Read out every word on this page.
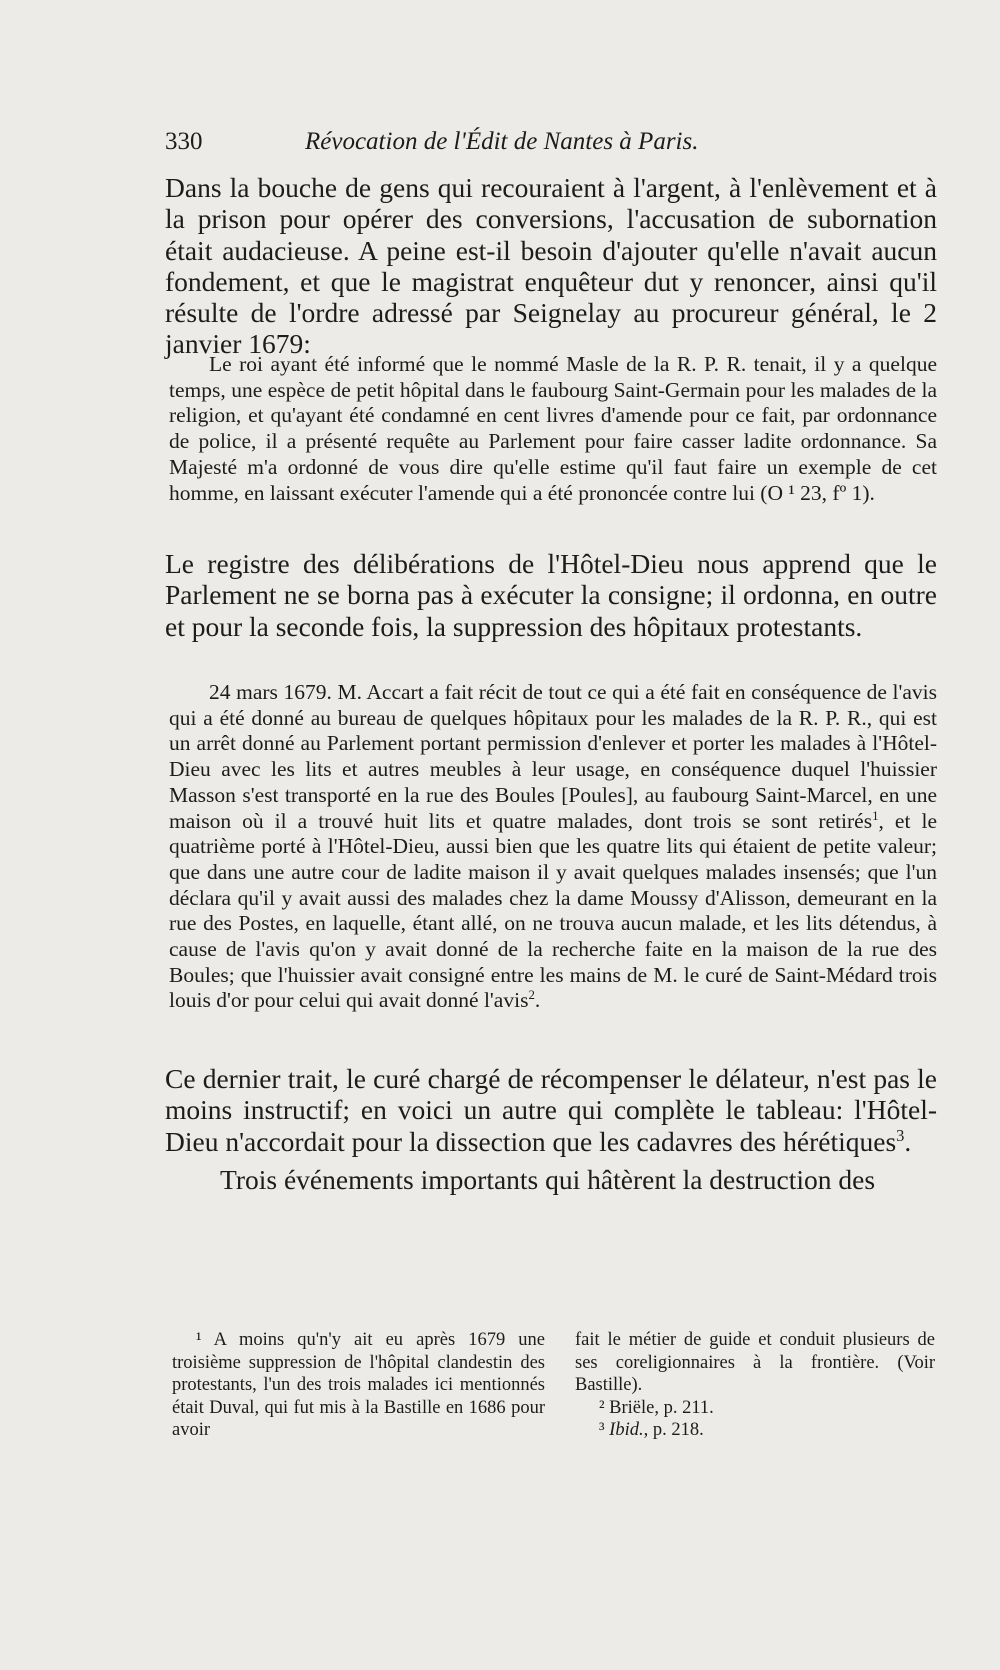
330	Révocation de l'Édit de Nantes à Paris.

Dans la bouche de gens qui recouraient à l'argent, à l'enlèvement et à la prison pour opérer des conversions, l'accusation de subornation était audacieuse. A peine est-il besoin d'ajouter qu'elle n'avait aucun fondement, et que le magistrat enquêteur dut y renoncer, ainsi qu'il résulte de l'ordre adressé par Seignelay au procureur général, le 2 janvier 1679:

Le roi ayant été informé que le nommé Masle de la R. P. R. tenait, il y a quelque temps, une espèce de petit hôpital dans le faubourg Saint-Germain pour les malades de la religion, et qu'ayant été condamné en cent livres d'amende pour ce fait, par ordonnance de police, il a présenté requête au Parlement pour faire casser ladite ordonnance. Sa Majesté m'a ordonné de vous dire qu'elle estime qu'il faut faire un exemple de cet homme, en laissant exécuter l'amende qui a été prononcée contre lui (O ¹ 23, fº 1).

Le registre des délibérations de l'Hôtel-Dieu nous apprend que le Parlement ne se borna pas à exécuter la consigne; il ordonna, en outre et pour la seconde fois, la suppression des hôpitaux protestants.

24 mars 1679. M. Accart a fait récit de tout ce qui a été fait en conséquence de l'avis qui a été donné au bureau de quelques hôpitaux pour les malades de la R. P. R., qui est un arrêt donné au Parlement portant permission d'enlever et porter les malades à l'Hôtel-Dieu avec les lits et autres meubles à leur usage, en conséquence duquel l'huissier Masson s'est transporté en la rue des Boules [Poules], au faubourg Saint-Marcel, en une maison où il a trouvé huit lits et quatre malades, dont trois se sont retirés$^1$, et le quatrième porté à l'Hôtel-Dieu, aussi bien que les quatre lits qui étaient de petite valeur; que dans une autre cour de ladite maison il y avait quelques malades insensés; que l'un déclara qu'il y avait aussi des malades chez la dame Moussy d'Alisson, demeurant en la rue des Postes, en laquelle, étant allé, on ne trouva aucun malade, et les lits détendus, à cause de l'avis qu'on y avait donné de la recherche faite en la maison de la rue des Boules; que l'huissier avait consigné entre les mains de M. le curé de Saint-Médard trois louis d'or pour celui qui avait donné l'avis$^2$.

Ce dernier trait, le curé chargé de récompenser le délateur, n'est pas le moins instructif; en voici un autre qui complète le tableau: l'Hôtel-Dieu n'accordait pour la dissection que les cadavres des hérétiques$^3$.

Trois événements importants qui hâtèrent la destruction des

¹ A moins qu'n'y ait eu après 1679 une troisième suppression de l'hôpital clandestin des protestants, l'un des trois malades ici mentionnés était Duval, qui fut mis à la Bastille en 1686 pour avoir

fait le métier de guide et conduit plusieurs de ses coreligionnaires à la frontière. (Voir Bastille).

² Briële, p. 211.

³ Ibid., p. 218.
